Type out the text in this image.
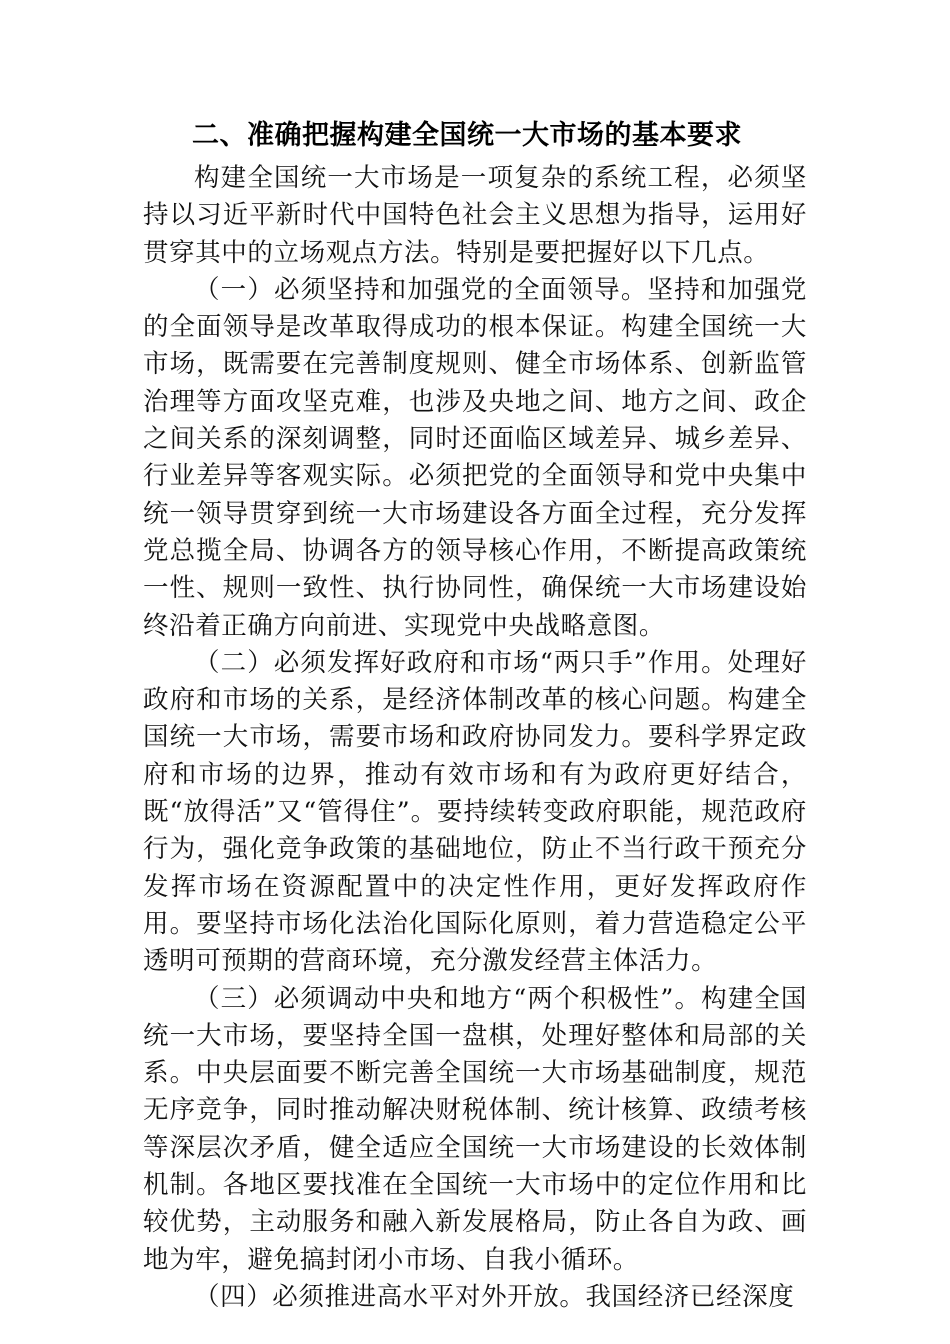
二、准确把握构建全国统一大市场的基本要求

构建全国统一大市场是一项复杂的系统工程，必须坚持以习近平新时代中国特色社会主义思想为指导，运用好贯穿其中的立场观点方法。特别是要把握好以下几点。

（一）必须坚持和加强党的全面领导。坚持和加强党的全面领导是改革取得成功的根本保证。构建全国统一大市场，既需要在完善制度规则、健全市场体系、创新监管治理等方面攻坚克难，也涉及央地之间、地方之间、政企之间关系的深刻调整，同时还面临区域差异、城乡差异、行业差异等客观实际。必须把党的全面领导和党中央集中统一领导贯穿到统一大市场建设各方面全过程，充分发挥党总揽全局、协调各方的领导核心作用，不断提高政策统一性、规则一致性、执行协同性，确保统一大市场建设始终沿着正确方向前进、实现党中央战略意图。

（二）必须发挥好政府和市场“两只手”作用。处理好政府和市场的关系，是经济体制改革的核心问题。构建全国统一大市场，需要市场和政府协同发力。要科学界定政府和市场的边界，推动有效市场和有为政府更好结合，既“放得活”又“管得住”。要持续转变政府职能，规范政府行为，强化竞争政策的基础地位，防止不当行政干预充分发挥市场在资源配置中的决定性作用，更好发挥政府作用。要坚持市场化法治化国际化原则，着力营造稳定公平透明可预期的营商环境，充分激发经营主体活力。

（三）必须调动中央和地方“两个积极性”。构建全国统一大市场，要坚持全国一盘棋，处理好整体和局部的关系。中央层面要不断完善全国统一大市场基础制度，规范无序竞争，同时推动解决财税体制、统计核算、政绩考核等深层次矛盾，健全适应全国统一大市场建设的长效体制机制。各地区要找准在全国统一大市场中的定位作用和比较优势，主动服务和融入新发展格局，防止各自为政、画地为牢，避免搞封闭小市场、自我小循环。

（四）必须推进高水平对外开放。我国经济已经深度
